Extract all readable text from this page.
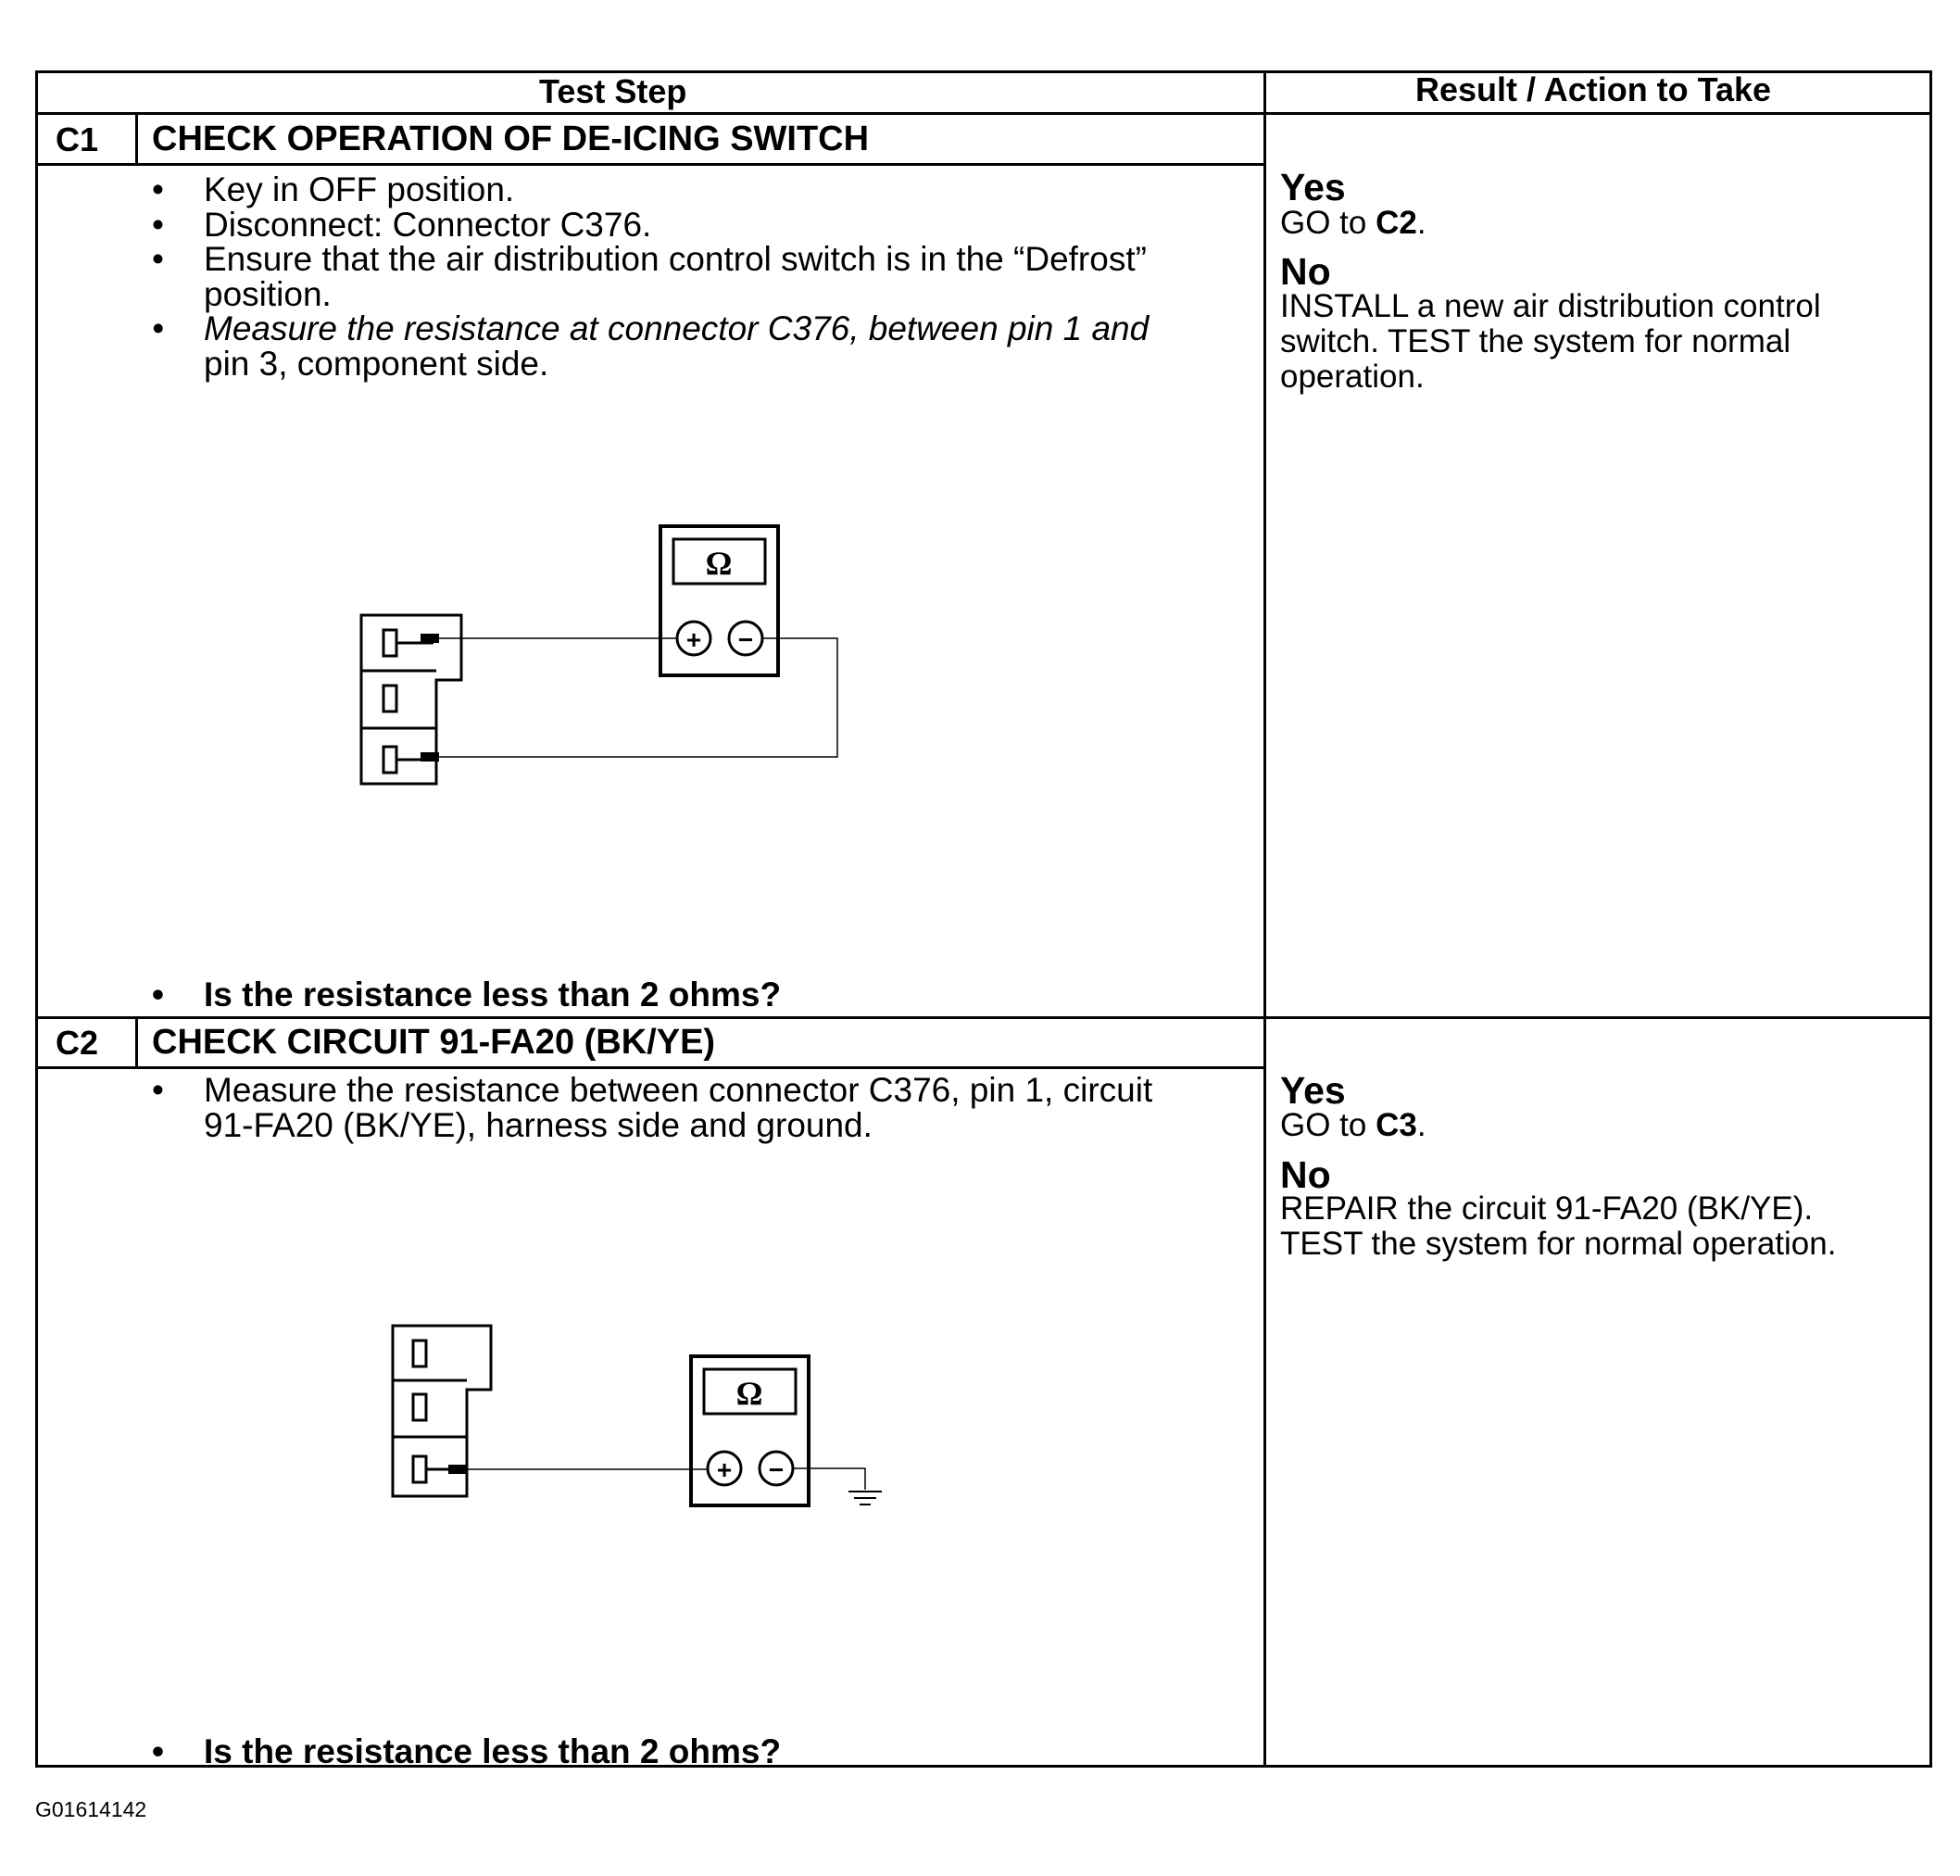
Test Step	Result / Action to Take
C1 CHECK OPERATION OF DE-ICING SWITCH
• Key in OFF position.
• Disconnect: Connector C376.
• Ensure that the air distribution control switch is in the “Defrost”
position.
• Measure the resistance at connector C376, between pin 1 and
pin 3, component side.
Ω
+ −
• Is the resistance less than 2 ohms?
Yes
GO to C2.
No
INSTALL a new air distribution control
switch. TEST the system for normal
operation.
C2 CHECK CIRCUIT 91-FA20 (BK/YE)
• Measure the resistance between connector C376, pin 1, circuit
91-FA20 (BK/YE), harness side and ground.
Ω
+ −
• Is the resistance less than 2 ohms?
Yes
GO to C3.
No
REPAIR the circuit 91-FA20 (BK/YE).
TEST the system for normal operation.
G01614142
